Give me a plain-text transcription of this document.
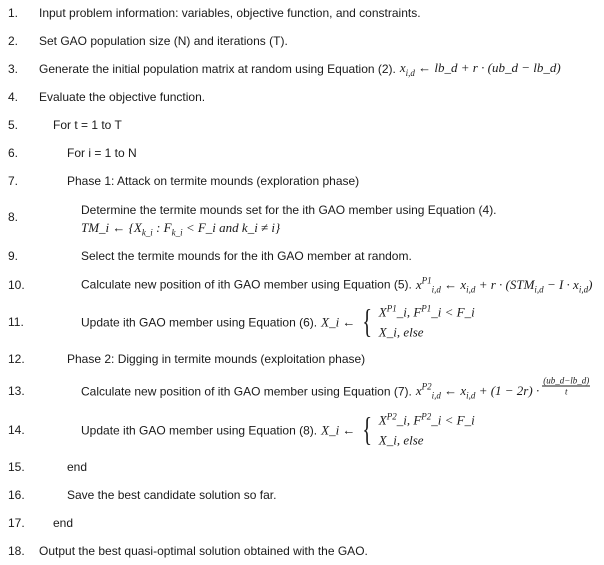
1. Input problem information: variables, objective function, and constraints.
2. Set GAO population size (N) and iterations (T).
3. Generate the initial population matrix at random using Equation (2). $x_{i,d}$ ← lb_d + r · (ub_d − lb_d)
4. Evaluate the objective function.
5.	For t = 1 to T
6.	For i = 1 to N
7.	Phase 1: Attack on termite mounds (exploration phase)
8.	Determine the termite mounds set for the ith GAO member using Equation (4).
TM_i ← {$X_{k\_i}$ : $F_{k\_i}$ < F_i and k_i ≠ i}
9.	Select the termite mounds for the ith GAO member at random.
10.	Calculate new position of ith GAO member using Equation (5). $x^{P1}_{i,d}$ ← $x_{i,d} + r \cdot (STM_{i,d} - I \cdot x_{i,d})$
11.	Update ith GAO member using Equation (6). X_i ← { $X^{P1}\_i$, $F^{P1}\_i$ < F_i
X_i, else
12.	Phase 2: Digging in termite mounds (exploitation phase)
13.	Calculate new position of ith GAO member using Equation (7). $x^{P2}_{i,d}$ ← $x_{i,d} + (1 - 2r) \cdot \frac{(ub\_d-lb\_d)}{t}$
14.	Update ith GAO member using Equation (8). X_i ← { $X^{P2}\_i$, $F^{P2}\_i$ < F_i
X_i, else
15.	end
16.	Save the best candidate solution so far.
17. end
18. Output the best quasi-optimal solution obtained with the GAO.
